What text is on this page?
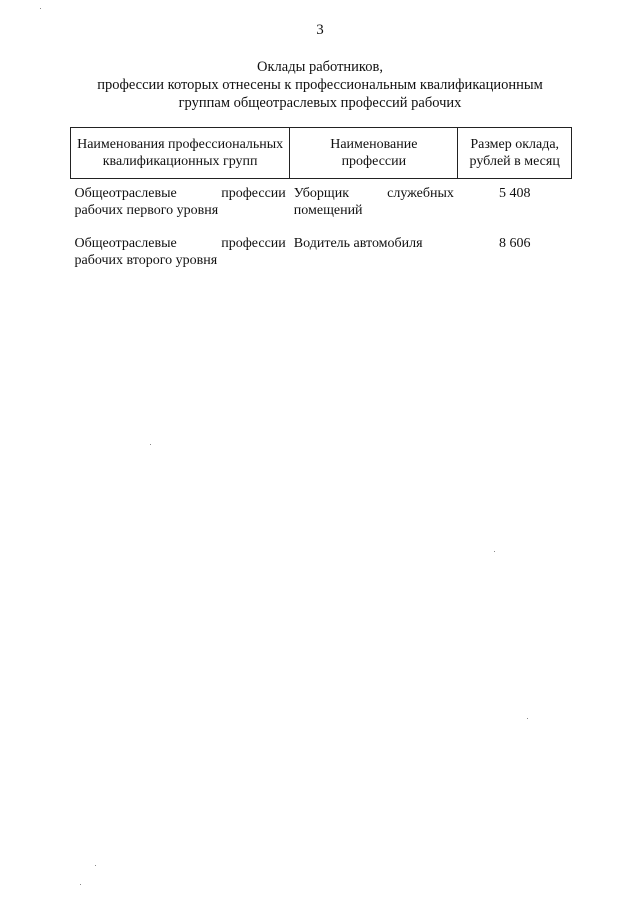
3
Оклады работников,
профессии которых отнесены к профессиональным квалификационным
группам общеотраслевых профессий рабочих
Наименования профессиональных квалификационных групп	Наименование профессии	Размер оклада, рублей в месяц
Общеотраслевые профессии рабочих первого уровня	Уборщик служебных помещений	5 408
Общеотраслевые профессии рабочих второго уровня	Водитель автомобиля	8 606
